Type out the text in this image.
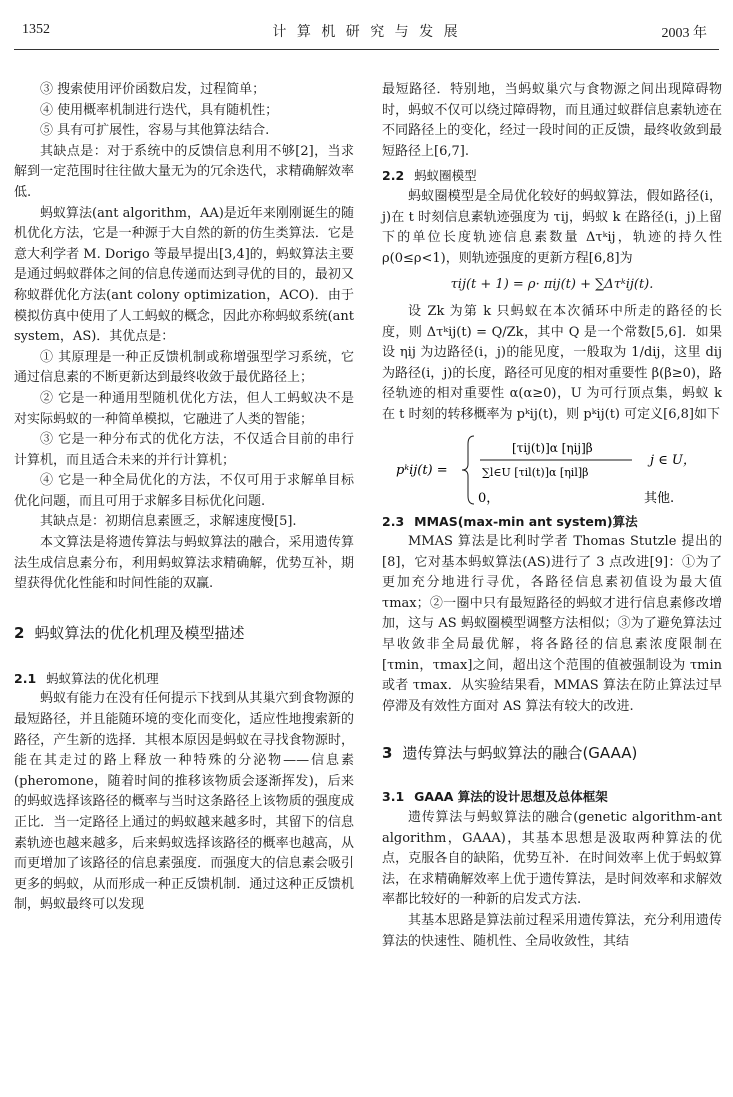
1352	计 算 机 研 究 与 发 展	2003 年

③ 搜索使用评价函数启发，过程简单；

④ 使用概率机制进行迭代，具有随机性；

⑤ 具有可扩展性，容易与其他算法结合.

其缺点是：对于系统中的反馈信息利用不够[2]，当求解到一定范围时往往做大量无为的冗余迭代，求精确解效率低.

蚂蚁算法(ant algorithm，AA)是近年来刚刚诞生的随机优化方法，它是一种源于大自然的新的仿生类算法．它是意大利学者 M. Dorigo 等最早提出[3,4]的，蚂蚁算法主要是通过蚂蚁群体之间的信息传递而达到寻优的目的，最初又称蚁群优化方法(ant colony optimization，ACO)．由于模拟仿真中使用了人工蚂蚁的概念，因此亦称蚂蚁系统(ant system，AS)．其优点是：

① 其原理是一种正反馈机制或称增强型学习系统，它通过信息素的不断更新达到最终收敛于最优路径上；

② 它是一种通用型随机优化方法，但人工蚂蚁决不是对实际蚂蚁的一种简单模拟，它融进了人类的智能；

③ 它是一种分布式的优化方法，不仅适合目前的串行计算机，而且适合未来的并行计算机；

④ 它是一种全局优化的方法，不仅可用于求解单目标优化问题，而且可用于求解多目标优化问题.

其缺点是：初期信息素匮乏，求解速度慢[5].

本文算法是将遗传算法与蚂蚁算法的融合，采用遗传算法生成信息素分布，利用蚂蚁算法求精确解，优势互补，期望获得优化性能和时间性能的双赢.

2 蚂蚁算法的优化机理及模型描述

2.1 蚂蚁算法的优化机理

蚂蚁有能力在没有任何提示下找到从其巢穴到食物源的最短路径，并且能随环境的变化而变化，适应性地搜索新的路径，产生新的选择．其根本原因是蚂蚁在寻找食物源时，能在其走过的路上释放一种特殊的分泌物——信息素(pheromone，随着时间的推移该物质会逐渐挥发)，后来的蚂蚁选择该路径的概率与当时这条路径上该物质的强度成正比．当一定路径上通过的蚂蚁越来越多时，其留下的信息素轨迹也越来越多，后来蚂蚁选择该路径的概率也越高，从而更增加了该路径的信息素强度．而强度大的信息素会吸引更多的蚂蚁，从而形成一种正反馈机制．通过这种正反馈机制，蚂蚁最终可以发现

最短路径．特别地，当蚂蚁巢穴与食物源之间出现障碍物时，蚂蚁不仅可以绕过障碍物，而且通过蚁群信息素轨迹在不同路径上的变化，经过一段时间的正反馈，最终收敛到最短路径上[6,7].

2.2 蚂蚁圈模型

蚂蚁圈模型是全局优化较好的蚂蚁算法，假如路径(i，j)在 t 时刻信息素轨迹强度为 τij，蚂蚁 k 在路径(i，j)上留下的单位长度轨迹信息素数量 Δτᵏij，轨迹的持久性 ρ(0≤ρ<1)，则轨迹强度的更新方程[6,8]为

τij(t + 1) = ρ· πij(t) + ∑Δτᵏij(t).

设 Zk 为第 k 只蚂蚁在本次循环中所走的路径的长度，则 Δτᵏij(t) = Q/Zk，其中 Q 是一个常数[5,6]．如果设 ηij 为边路径(i，j)的能见度，一般取为 1/dij，这里 dij 为路径(i，j)的长度，路径可见度的相对重要性 β(β≥0)，路径轨迹的相对重要性 α(α≥0)，U 为可行顶点集，蚂蚁 k 在 t 时刻的转移概率为 pᵏij(t)，则 pᵏij(t) 可定义[6,8]如下

pᵏij(t) =
[τij(t)]α [ηij]β
∑l∈U [τil(t)]α [ηil]β
j ∈ U，
0，	其他.

2.3 MMAS(max-min ant system)算法

MMAS 算法是比利时学者 Thomas Stutzle 提出的[8]，它对基本蚂蚁算法(AS)进行了 3 点改进[9]：①为了更加充分地进行寻优，各路径信息素初值设为最大值 τmax；②一圈中只有最短路径的蚂蚁才进行信息素修改增加，这与 AS 蚂蚁圈模型调整方法相似；③为了避免算法过早收敛非全局最优解，将各路径的信息素浓度限制在[τmin，τmax]之间，超出这个范围的值被强制设为 τmin或者 τmax．从实验结果看，MMAS 算法在防止算法过早停滞及有效性方面对 AS 算法有较大的改进.

3 遗传算法与蚂蚁算法的融合(GAAA)

3.1 GAAA 算法的设计思想及总体框架

遗传算法与蚂蚁算法的融合(genetic algorithm-ant algorithm，GAAA)，其基本思想是汲取两种算法的优点，克服各自的缺陷，优势互补．在时间效率上优于蚂蚁算法，在求精确解效率上优于遗传算法，是时间效率和求解效率都比较好的一种新的启发式方法.

其基本思路是算法前过程采用遗传算法，充分利用遗传算法的快速性、随机性、全局收敛性，其结
